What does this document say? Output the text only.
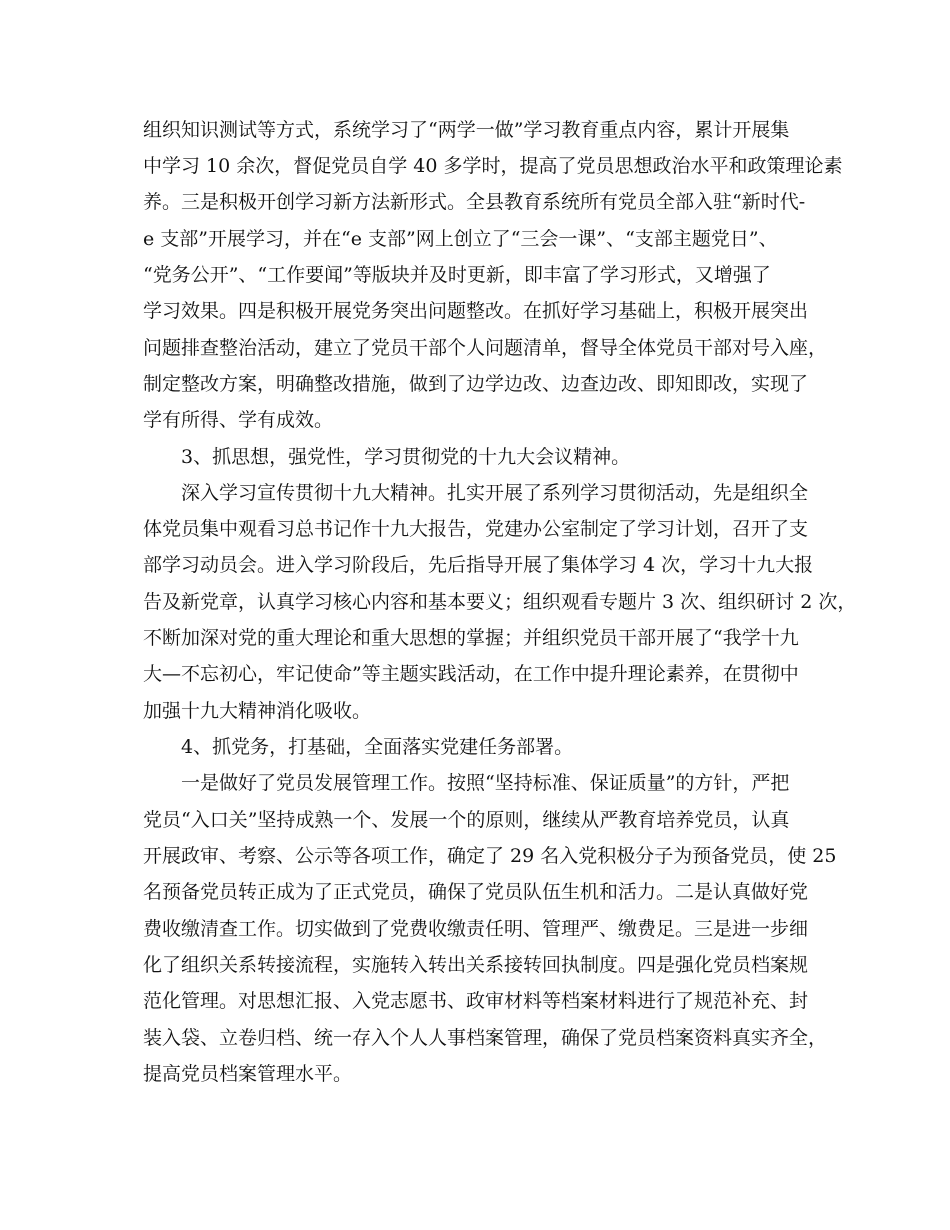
组织知识测试等方式，系统学习了“两学一做”学习教育重点内容，累计开展集
中学习 10 余次，督促党员自学 40 多学时，提高了党员思想政治水平和政策理论素
养。三是积极开创学习新方法新形式。全县教育系统所有党员全部入驻“新时代-
e 支部”开展学习，并在“e 支部”网上创立了“三会一课”、“支部主题党日”、
“党务公开”、“工作要闻”等版块并及时更新，即丰富了学习形式，又增强了
学习效果。四是积极开展党务突出问题整改。在抓好学习基础上，积极开展突出
问题排查整治活动，建立了党员干部个人问题清单，督导全体党员干部对号入座，
制定整改方案，明确整改措施，做到了边学边改、边查边改、即知即改，实现了
学有所得、学有成效。
3、抓思想，强党性，学习贯彻党的十九大会议精神。
深入学习宣传贯彻十九大精神。扎实开展了系列学习贯彻活动，先是组织全
体党员集中观看习总书记作十九大报告，党建办公室制定了学习计划，召开了支
部学习动员会。进入学习阶段后，先后指导开展了集体学习 4 次，学习十九大报
告及新党章，认真学习核心内容和基本要义；组织观看专题片 3 次、组织研讨 2 次，
不断加深对党的重大理论和重大思想的掌握；并组织党员干部开展了“我学十九
大—不忘初心，牢记使命”等主题实践活动，在工作中提升理论素养，在贯彻中
加强十九大精神消化吸收。
4、抓党务，打基础，全面落实党建任务部署。
一是做好了党员发展管理工作。按照“坚持标准、保证质量”的方针，严把
党员“入口关”坚持成熟一个、发展一个的原则，继续从严教育培养党员，认真
开展政审、考察、公示等各项工作，确定了 29 名入党积极分子为预备党员，使 25
名预备党员转正成为了正式党员，确保了党员队伍生机和活力。二是认真做好党
费收缴清查工作。切实做到了党费收缴责任明、管理严、缴费足。三是进一步细
化了组织关系转接流程，实施转入转出关系接转回执制度。四是强化党员档案规
范化管理。对思想汇报、入党志愿书、政审材料等档案材料进行了规范补充、封
装入袋、立卷归档、统一存入个人人事档案管理，确保了党员档案资料真实齐全，
提高党员档案管理水平。
